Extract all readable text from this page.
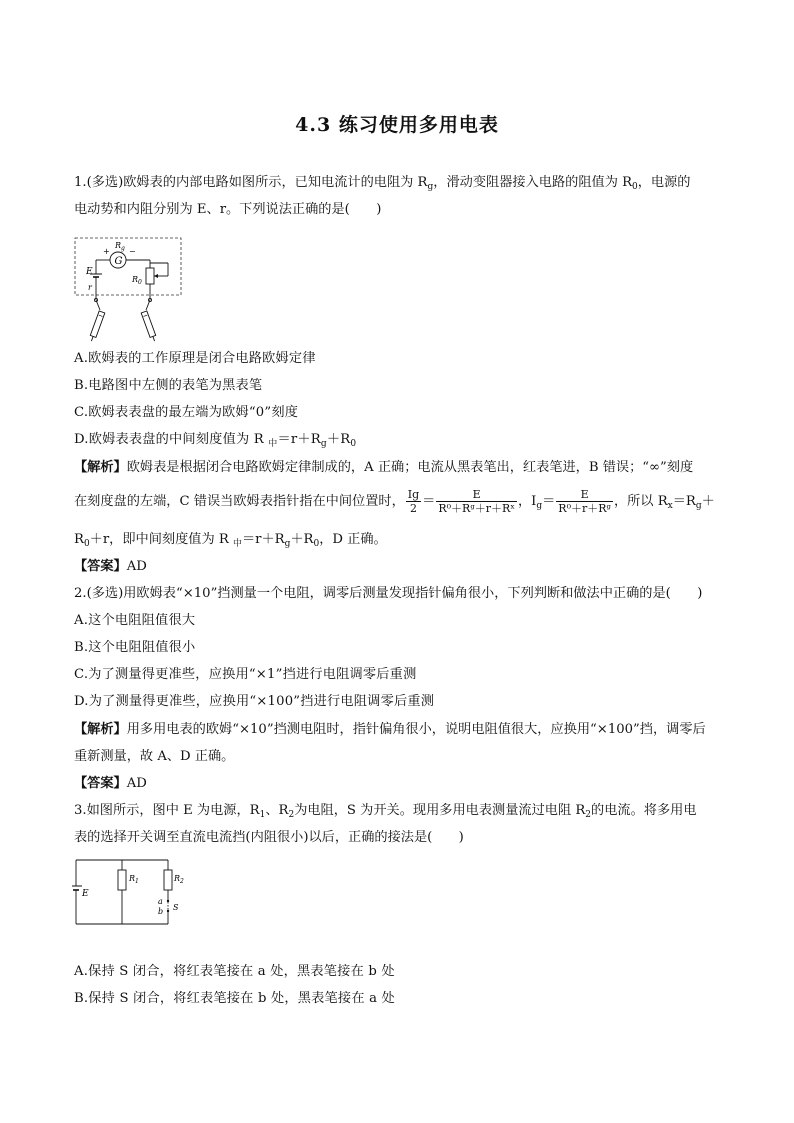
4.3 练习使用多用电表
1.(多选)欧姆表的内部电路如图所示，已知电流计的电阻为 $R_g$，滑动变阻器接入电路的阻值为 $R_0$，电源的
电动势和内阻分别为 E、r。下列说法正确的是(　　)
G
$R_g$
+ −
E
r
$R_0$
A.欧姆表的工作原理是闭合电路欧姆定律
B.电路图中左侧的表笔为黑表笔
C.欧姆表表盘的最左端为欧姆“0”刻度
D.欧姆表表盘的中间刻度值为 R $_中=r+R_g+R_0$
【解析】欧姆表是根据闭合电路欧姆定律制成的，A 正确；电流从黑表笔出，红表笔进，B 错误；“∞”刻度
在刻度盘的左端，C 错误当欧姆表指针指在中间位置时， $\frac{Ig}{2} = \frac{E}{\text{R⁰＋Rᵍ＋r＋Rˣ}}$ ，$I_g= \frac{E}{\text{R⁰＋r＋Rᵍ}}$ ，所以 $R_x=R_g+$
$R_0+r$，即中间刻度值为 R $_中=r+R_g+R_0$，D 正确。
【答案】AD
2.(多选)用欧姆表“×10”挡测量一个电阻，调零后测量发现指针偏角很小，下列判断和做法中正确的是(　　)
A.这个电阻阻值很大
B.这个电阻阻值很小
C.为了测量得更准些，应换用“×1”挡进行电阻调零后重测
D.为了测量得更准些，应换用“×100”挡进行电阻调零后重测
【解析】用多用电表的欧姆“×10”挡测电阻时，指针偏角很小，说明电阻值很大，应换用“×100”挡，调零后
重新测量，故 A、D 正确。
【答案】AD
3.如图所示，图中 E 为电源，$R_1$、$R_2$为电阻，S 为开关。现用多用电表测量流过电阻 $R_2$的电流。将多用电
表的选择开关调至直流电流挡(内阻很小)以后，正确的接法是(　　)
E
$R_1$	$R_2$
a
b S
A.保持 S 闭合，将红表笔接在 a 处，黑表笔接在 b 处
B.保持 S 闭合，将红表笔接在 b 处，黑表笔接在 a 处
